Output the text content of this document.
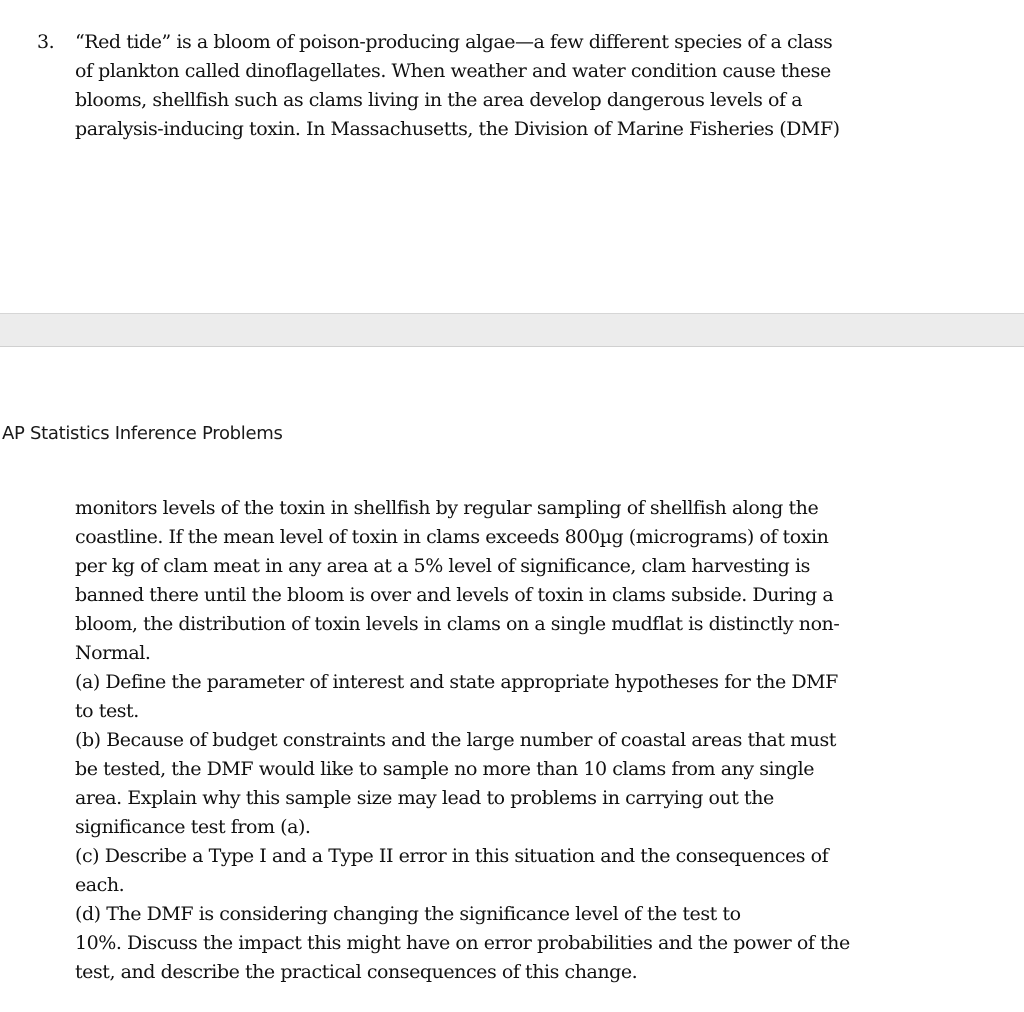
3. “Red tide” is a bloom of poison-producing algae—a few different species of a class
of plankton called dinoflagellates. When weather and water condition cause these
blooms, shellfish such as clams living in the area develop dangerous levels of a
paralysis-inducing toxin. In Massachusetts, the Division of Marine Fisheries (DMF)
AP Statistics Inference Problems
monitors levels of the toxin in shellfish by regular sampling of shellfish along the
coastline. If the mean level of toxin in clams exceeds 800µg (micrograms) of toxin
per kg of clam meat in any area at a 5% level of significance, clam harvesting is
banned there until the bloom is over and levels of toxin in clams subside. During a
bloom, the distribution of toxin levels in clams on a single mudflat is distinctly non-
Normal.
(a) Define the parameter of interest and state appropriate hypotheses for the DMF
to test.
(b) Because of budget constraints and the large number of coastal areas that must
be tested, the DMF would like to sample no more than 10 clams from any single
area. Explain why this sample size may lead to problems in carrying out the
significance test from (a).
(c) Describe a Type I and a Type II error in this situation and the consequences of
each.
(d) The DMF is considering changing the significance level of the test to
10%. Discuss the impact this might have on error probabilities and the power of the
test, and describe the practical consequences of this change.
